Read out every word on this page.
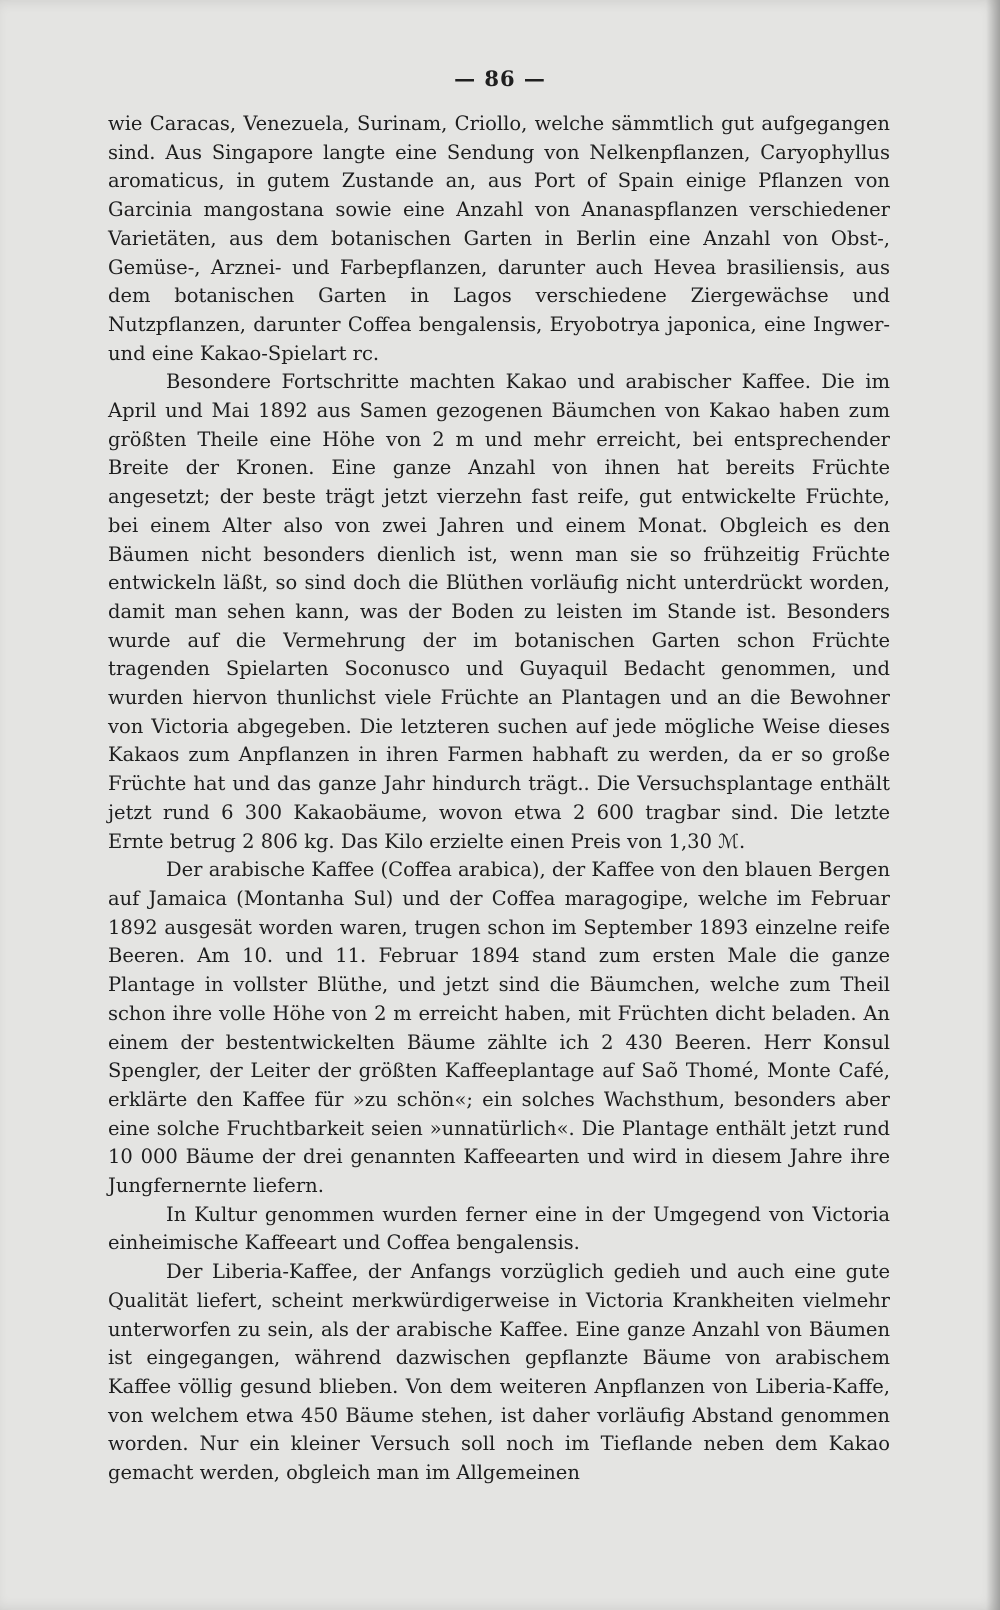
— 86 —

wie Caracas, Venezuela, Surinam, Criollo, welche sämmtlich gut aufgegangen sind. Aus Singapore langte eine Sendung von Nelkenpflanzen, Caryophyllus aromaticus, in gutem Zustande an, aus Port of Spain einige Pflanzen von Garcinia mangostana sowie eine Anzahl von Ananaspflanzen verschiedener Varietäten, aus dem botanischen Garten in Berlin eine Anzahl von Obst-, Gemüse-, Arznei- und Farbepflanzen, darunter auch Hevea brasiliensis, aus dem botanischen Garten in Lagos verschiedene Ziergewächse und Nutzpflanzen, darunter Coffea bengalensis, Eryobotrya japonica, eine Ingwer- und eine Kakao-Spielart rc.

Besondere Fortschritte machten Kakao und arabischer Kaffee. Die im April und Mai 1892 aus Samen gezogenen Bäumchen von Kakao haben zum größten Theile eine Höhe von 2 m und mehr erreicht, bei entsprechender Breite der Kronen. Eine ganze Anzahl von ihnen hat bereits Früchte angesetzt; der beste trägt jetzt vierzehn fast reife, gut entwickelte Früchte, bei einem Alter also von zwei Jahren und einem Monat. Obgleich es den Bäumen nicht besonders dienlich ist, wenn man sie so frühzeitig Früchte entwickeln läßt, so sind doch die Blüthen vorläufig nicht unterdrückt worden, damit man sehen kann, was der Boden zu leisten im Stande ist. Besonders wurde auf die Vermehrung der im botanischen Garten schon Früchte tragenden Spielarten Soconusco und Guyaquil Bedacht genommen, und wurden hiervon thunlichst viele Früchte an Plantagen und an die Bewohner von Victoria abgegeben. Die letzteren suchen auf jede mögliche Weise dieses Kakaos zum Anpflanzen in ihren Farmen habhaft zu werden, da er so große Früchte hat und das ganze Jahr hindurch trägt.. Die Versuchsplantage enthält jetzt rund 6 300 Kakaobäume, wovon etwa 2 600 tragbar sind. Die letzte Ernte betrug 2 806 kg. Das Kilo erzielte einen Preis von 1,30 ℳ.

Der arabische Kaffee (Coffea arabica), der Kaffee von den blauen Bergen auf Jamaica (Montanha Sul) und der Coffea maragogipe, welche im Februar 1892 ausgesät worden waren, trugen schon im September 1893 einzelne reife Beeren. Am 10. und 11. Februar 1894 stand zum ersten Male die ganze Plantage in vollster Blüthe, und jetzt sind die Bäumchen, welche zum Theil schon ihre volle Höhe von 2 m erreicht haben, mit Früchten dicht beladen. An einem der bestentwickelten Bäume zählte ich 2 430 Beeren. Herr Konsul Spengler, der Leiter der größten Kaffeeplantage auf Saõ Thomé, Monte Café, erklärte den Kaffee für »zu schön«; ein solches Wachsthum, besonders aber eine solche Fruchtbarkeit seien »unnatürlich«. Die Plantage enthält jetzt rund 10 000 Bäume der drei genannten Kaffeearten und wird in diesem Jahre ihre Jungfernernte liefern.

In Kultur genommen wurden ferner eine in der Umgegend von Victoria einheimische Kaffeeart und Coffea bengalensis.

Der Liberia-Kaffee, der Anfangs vorzüglich gedieh und auch eine gute Qualität liefert, scheint merkwürdigerweise in Victoria Krankheiten vielmehr unterworfen zu sein, als der arabische Kaffee. Eine ganze Anzahl von Bäumen ist eingegangen, während dazwischen gepflanzte Bäume von arabischem Kaffee völlig gesund blieben. Von dem weiteren Anpflanzen von Liberia-Kaffe, von welchem etwa 450 Bäume stehen, ist daher vorläufig Abstand genommen worden. Nur ein kleiner Versuch soll noch im Tieflande neben dem Kakao gemacht werden, obgleich man im Allgemeinen
